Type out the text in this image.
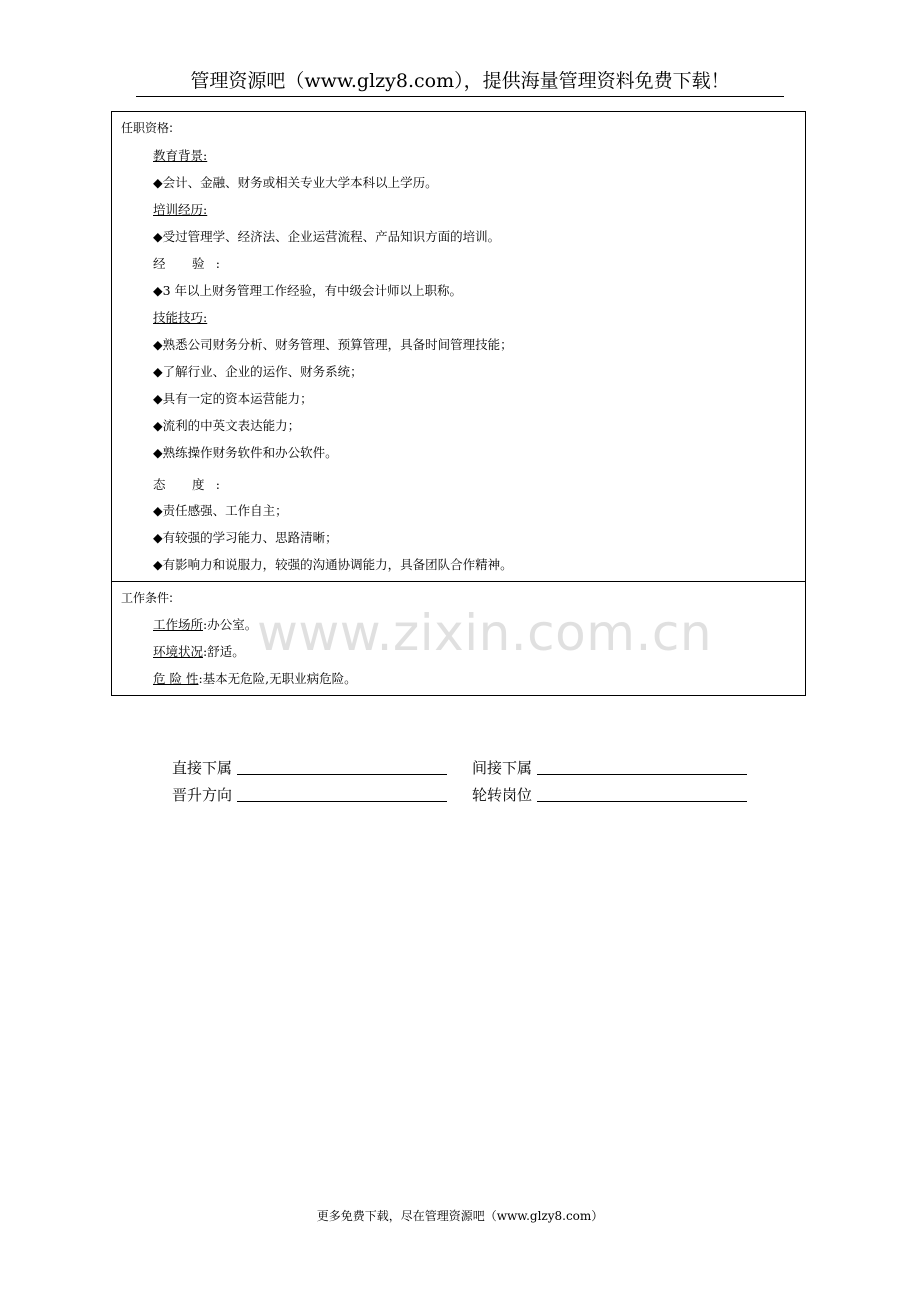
管理资源吧（www.glzy8.com），提供海量管理资料免费下载！
任职资格:
教育背景:
◆会计、金融、财务或相关专业大学本科以上学历。
培训经历:
◆受过管理学、经济法、企业运营流程、产品知识方面的培训。
经 验:
◆3 年以上财务管理工作经验，有中级会计师以上职称。
技能技巧:
◆熟悉公司财务分析、财务管理、预算管理，具备时间管理技能；
◆了解行业、企业的运作、财务系统；
◆具有一定的资本运营能力；
◆流利的中英文表达能力；
◆熟练操作财务软件和办公软件。
态 度:
◆责任感强、工作自主；
◆有较强的学习能力、思路清晰；
◆有影响力和说服力，较强的沟通协调能力，具备团队合作精神。
工作条件:
工作场所:办公室。
环境状况:舒适。
危 险 性:基本无危险,无职业病危险。
www.zixin.com.cn
直接下属	间接下属
晋升方向	轮转岗位
更多免费下载，尽在管理资源吧（www.glzy8.com）
